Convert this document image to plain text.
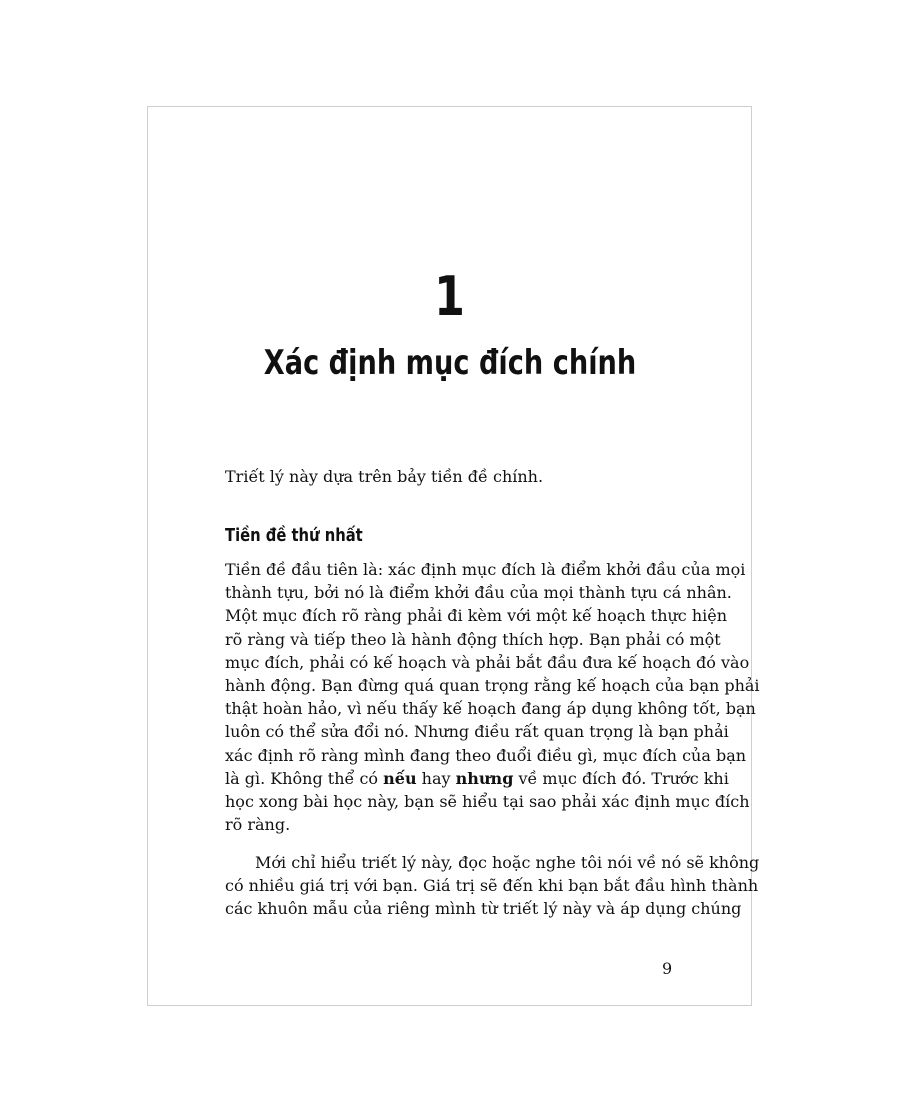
1
Xác định mục đích chính
Triết lý này dựa trên bảy tiền đề chính.
Tiền đề thứ nhất
Tiền đề đầu tiên là: xác định mục đích là điểm khởi đầu của mọi
thành tựu, bởi nó là điểm khởi đầu của mọi thành tựu cá nhân.
Một mục đích rõ ràng phải đi kèm với một kế hoạch thực hiện
rõ ràng và tiếp theo là hành động thích hợp. Bạn phải có một
mục đích, phải có kế hoạch và phải bắt đầu đưa kế hoạch đó vào
hành động. Bạn đừng quá quan trọng rằng kế hoạch của bạn phải
thật hoàn hảo, vì nếu thấy kế hoạch đang áp dụng không tốt, bạn
luôn có thể sửa đổi nó. Nhưng điều rất quan trọng là bạn phải
xác định rõ ràng mình đang theo đuổi điều gì, mục đích của bạn
là gì. Không thể có nếu hay nhưng về mục đích đó. Trước khi
học xong bài học này, bạn sẽ hiểu tại sao phải xác định mục đích
rõ ràng.
Mới chỉ hiểu triết lý này, đọc hoặc nghe tôi nói về nó sẽ không
có nhiều giá trị với bạn. Giá trị sẽ đến khi bạn bắt đầu hình thành
các khuôn mẫu của riêng mình từ triết lý này và áp dụng chúng
9
